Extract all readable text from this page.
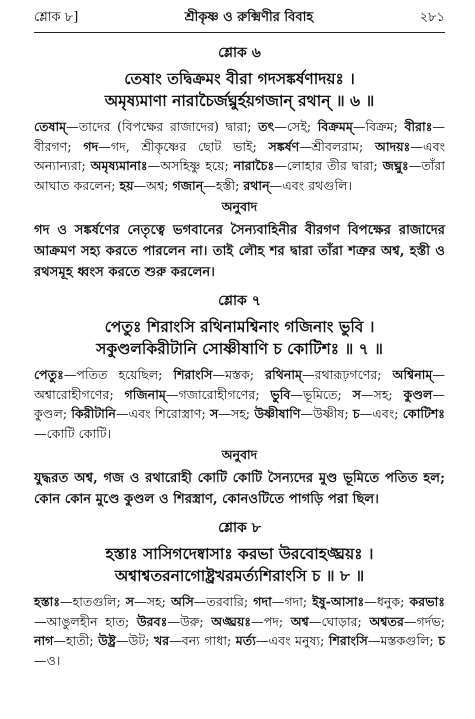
শ্লোক ৮]	শ্রীকৃষ্ণ ও রুক্মিণীর বিবাহ	২৮১
শ্লোক ৬
তেষাং তদ্বিক্রমং বীরা গদসঙ্কর্ষণাদয়ঃ ।
অমৃষ্যমাণা নারাচৈর্জঘ্নুর্হয়গজান্ রথান্ ॥ ৬ ॥
তেষাম্—তাদের (বিপক্ষের রাজাদের) দ্বারা; তৎ—সেই; বিক্রমম্—বিক্রম; বীরাঃ—বীরগণ; গদ—গদ, শ্রীকৃষ্ণের ছোট ভাই; সঙ্কর্ষণ—শ্রীবলরাম; আদয়ঃ—এবং অন্যান্যরা; অমৃষ্যমানাঃ—অসহিষ্ণু হয়ে; নারাচৈঃ—লোহার তীর দ্বারা; জঘ্নুঃ—তাঁরা আঘাত করলেন; হয়—অশ্ব; গজান্—হস্তী; রথান্—এবং রথগুলি।
অনুবাদ
গদ ও সঙ্কর্ষণের নেতৃত্বে ভগবানের সৈন্যবাহিনীর বীরগণ বিপক্ষের রাজাদের আক্রমণ সহ্য করতে পারলেন না। তাই লৌহ শর দ্বারা তাঁরা শত্রুর অশ্ব, হস্তী ও রথসমূহ ধ্বংস করতে শুরু করলেন।
শ্লোক ৭
পেতুঃ শিরাংসি রথিনামশ্বিনাং গজিনাং ভুবি ।
সকুণ্ডলকিরীটানি সোষ্ণীষাণি চ কোটিশঃ ॥ ৭ ॥
পেতুঃ—পতিত হয়েছিল; শিরাংসি—মস্তক; রথিনাম্—রথারূঢ়গণের; অশ্বিনাম্—অশ্বারোহীগণের; গজিনাম্—গজারোহীগণের; ভুবি—ভূমিতে; স—সহ; কুণ্ডল—কুণ্ডল; কিরীটানি—এবং শিরোস্ত্রাণ; স—সহ; উষ্ণীষাণি—উষ্ণীষ; চ—এবং; কোটিশঃ—কোটি কোটি।
অনুবাদ
যুদ্ধরত অশ্ব, গজ ও রথারোহী কোটি কোটি সৈন্যদের মুণ্ড ভূমিতে পতিত হল; কোন কোন মুণ্ডে কুণ্ডল ও শিরস্ত্রাণ, কোনওটিতে পাগড়ি পরা ছিল।
শ্লোক ৮
হস্তাঃ সাসিগদেষ্বাসাঃ করভা উরবোহঙ্ঘ্রয়ঃ ।
অশ্বাশ্বতরনাগোষ্ট্রখরমর্ত্যশিরাংসি চ ॥ ৮ ॥
হস্তাঃ—হাতগুলি; স—সহ; অসি—তরবারি; গদা—গদা; ইষু-আসাঃ—ধনুক; করভাঃ—আঙুলহীন হাত; উরবঃ—উরু; অঙ্ঘ্রয়ঃ—পদ; অশ্ব—ঘোড়ার; অশ্বতর—গর্দভ; নাগ—হাতী; উষ্ট্র—উট; খর—বন্য গাধা; মর্ত্য—এবং মনুষ্য; শিরাংসি—মস্তকগুলি; চ—ও।
